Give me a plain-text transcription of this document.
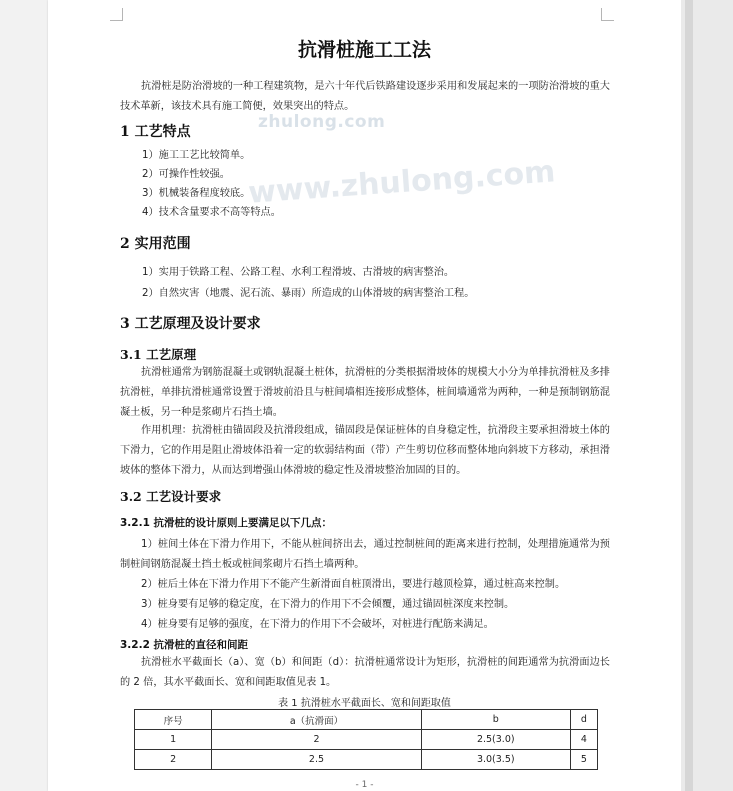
zhulong.com
www.zhulong.com
抗滑桩施工工法
抗滑桩是防治滑坡的一种工程建筑物，是六十年代后铁路建设逐步采用和发展起来的一项防治滑坡的重大技术革新，该技术具有施工简便，效果突出的特点。
1 工艺特点
1）施工工艺比较简单。
2）可操作性较强。
3）机械装备程度较底。
4）技术含量要求不高等特点。
2 实用范围
1）实用于铁路工程、公路工程、水利工程滑坡、古滑坡的病害整治。
2）自然灾害（地震、泥石流、暴雨）所造成的山体滑坡的病害整治工程。
3 工艺原理及设计要求
3.1 工艺原理
抗滑桩通常为钢筋混凝土或钢轨混凝土桩体，抗滑桩的分类根据滑坡体的规模大小分为单排抗滑桩及多排抗滑桩，单排抗滑桩通常设置于滑坡前沿且与桩间墙相连接形成整体，桩间墙通常为两种，一种是预制钢筋混凝土板，另一种是浆砌片石挡土墙。
作用机理：抗滑桩由锚固段及抗滑段组成，锚固段是保证桩体的自身稳定性，抗滑段主要承担滑坡土体的下滑力，它的作用是阻止滑坡体沿着一定的软弱结构面（带）产生剪切位移而整体地向斜坡下方移动，承担滑坡体的整体下滑力，从而达到增强山体滑坡的稳定性及滑坡整治加固的目的。
3.2 工艺设计要求
3.2.1 抗滑桩的设计原则上要满足以下几点：
1）桩间土体在下滑力作用下，不能从桩间挤出去，通过控制桩间的距离来进行控制，处理措施通常为预制桩间钢筋混凝土挡土板或桩间浆砌片石挡土墙两种。
2）桩后土体在下滑力作用下不能产生新滑面自桩顶滑出，要进行越顶检算，通过桩高来控制。
3）桩身要有足够的稳定度，在下滑力的作用下不会倾覆，通过锚固桩深度来控制。
4）桩身要有足够的强度，在下滑力的作用下不会破坏，对桩进行配筋来满足。
3.2.2 抗滑桩的直径和间距
抗滑桩水平截面长（a）、宽（b）和间距（d）：抗滑桩通常设计为矩形，抗滑桩的间距通常为抗滑面边长的 2 倍，其水平截面长、宽和间距取值见表 1。
表 1 抗滑桩水平截面长、宽和间距取值
序号	a（抗滑面）	b	d
1	2	2.5(3.0)	4
2	2.5	3.0(3.5)	5
- 1 -
